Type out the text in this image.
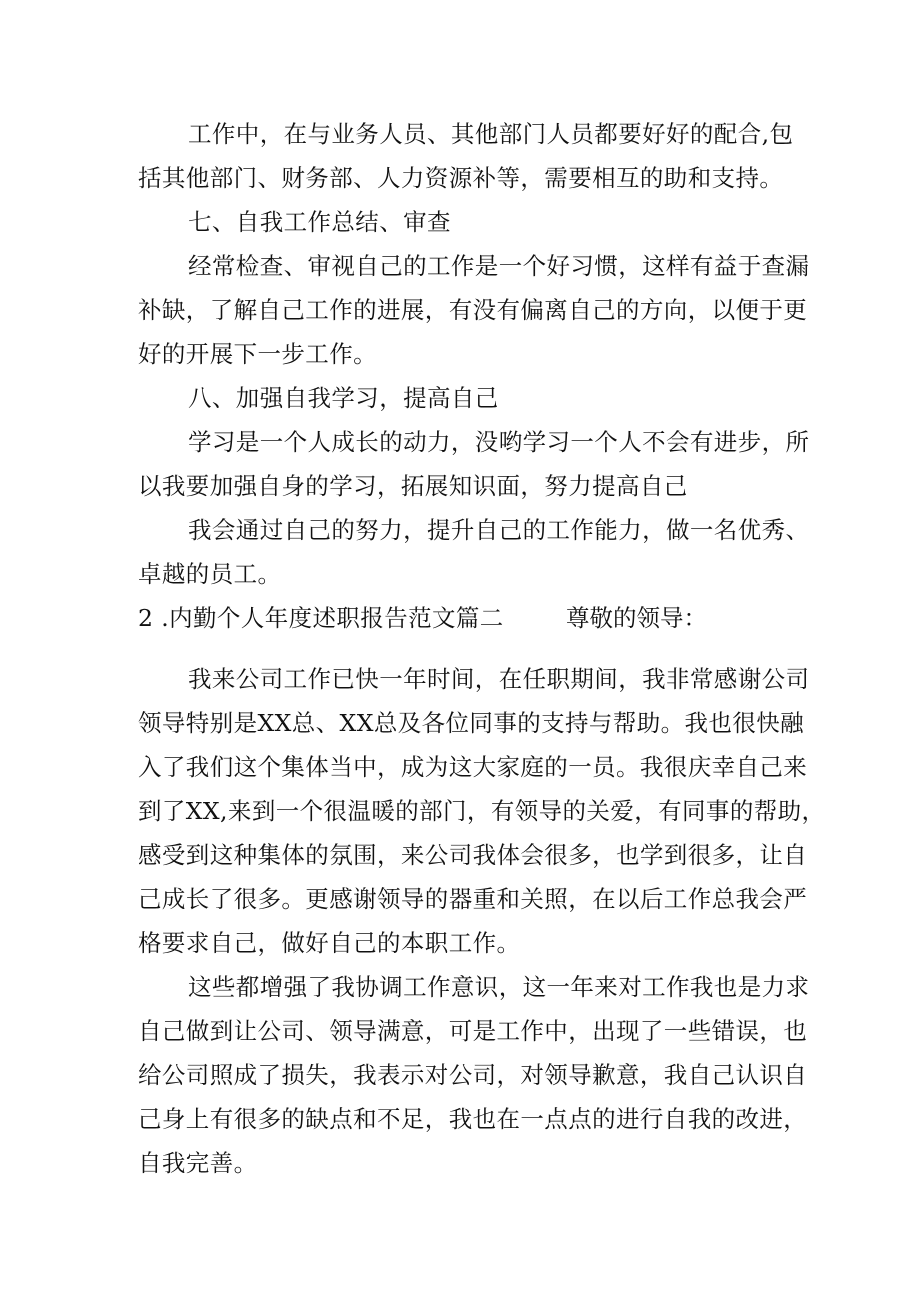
工作中，在与业务人员、其他部门人员都要好好的配合,包
括其他部门、财务部、人力资源补等，需要相互的助和支持。
七、自我工作总结、审查
经常检查、审视自己的工作是一个好习惯，这样有益于查漏
补缺，了解自己工作的进展，有没有偏离自己的方向，以便于更
好的开展下一步工作。
八、加强自我学习，提高自己
学习是一个人成长的动力，没哟学习一个人不会有进步，所
以我要加强自身的学习，拓展知识面，努力提高自己
我会通过自己的努力，提升自己的工作能力，做一名优秀、
卓越的员工。
2 .内勤个人年度述职报告范文篇二	尊敬的领导：
我来公司工作已快一年时间，在任职期间，我非常感谢公司
领导特别是XX总、XX总及各位同事的支持与帮助。我也很快融
入了我们这个集体当中，成为这大家庭的一员。我很庆幸自己来
到了XX,来到一个很温暖的部门，有领导的关爱，有同事的帮助，
感受到这种集体的氛围，来公司我体会很多，也学到很多，让自
己成长了很多。更感谢领导的器重和关照，在以后工作总我会严
格要求自己，做好自己的本职工作。
这些都增强了我协调工作意识，这一年来对工作我也是力求
自己做到让公司、领导满意，可是工作中，出现了一些错误，也
给公司照成了损失，我表示对公司，对领导歉意，我自己认识自
己身上有很多的缺点和不足，我也在一点点的进行自我的改进，
自我完善。
